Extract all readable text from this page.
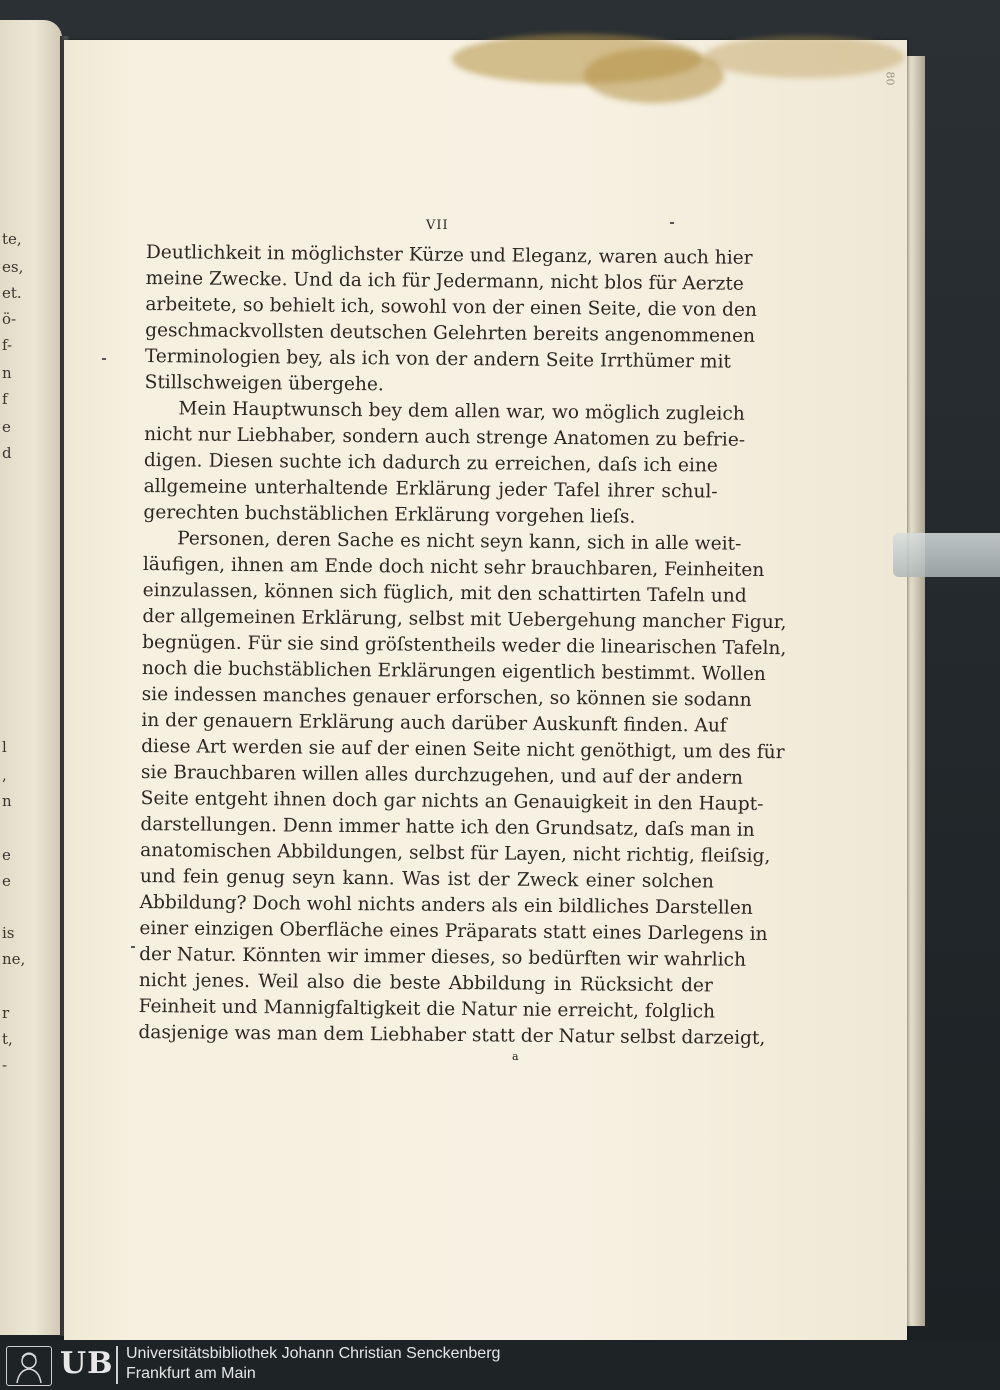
te,
es,
et.
ö-
f-
n
f
e
d
l
,
n
e
e
is
ne,
r
t,
-
80
VII

Deutlichkeit in möglichster Kürze und Eleganz, waren auch hier

meine Zwecke. Und da ich für Jedermann, nicht blos für Aerzte

arbeitete, so behielt ich, sowohl von der einen Seite, die von den

geschmackvollsten deutschen Gelehrten bereits angenommenen

Terminologien bey, als ich von der andern Seite Irrthümer mit

Stillschweigen übergehe.

Mein Hauptwunsch bey dem allen war, wo möglich zugleich

nicht nur Liebhaber, sondern auch strenge Anatomen zu befrie-

digen. Diesen suchte ich dadurch zu erreichen, daſs ich eine

allgemeine unterhaltende Erklärung jeder Tafel ihrer schul-

gerechten buchstäblichen Erklärung vorgehen lieſs.

Personen, deren Sache es nicht seyn kann, sich in alle weit-

läufigen, ihnen am Ende doch nicht sehr brauchbaren, Feinheiten

einzulassen, können sich füglich, mit den schattirten Tafeln und

der allgemeinen Erklärung, selbst mit Uebergehung mancher Figur,

begnügen. Für sie sind gröſstentheils weder die linearischen Tafeln,

noch die buchstäblichen Erklärungen eigentlich bestimmt. Wollen

sie indessen manches genauer erforschen, so können sie sodann

in der genauern Erklärung auch darüber Auskunft finden. Auf

diese Art werden sie auf der einen Seite nicht genöthigt, um des für

sie Brauchbaren willen alles durchzugehen, und auf der andern

Seite entgeht ihnen doch gar nichts an Genauigkeit in den Haupt-

darstellungen. Denn immer hatte ich den Grundsatz, daſs man in

anatomischen Abbildungen, selbst für Layen, nicht richtig, fleiſsig,

und fein genug seyn kann. Was ist der Zweck einer solchen

Abbildung? Doch wohl nichts anders als ein bildliches Darstellen

einer einzigen Oberfläche eines Präparats statt eines Darlegens in

der Natur. Könnten wir immer dieses, so bedürften wir wahrlich

nicht jenes. Weil also die beste Abbildung in Rücksicht der

Feinheit und Mannigfaltigkeit die Natur nie erreicht, folglich

dasjenige was man dem Liebhaber statt der Natur selbst darzeigt,

a
UB Universitätsbibliothek Johann Christian Senckenberg
Frankfurt am Main
